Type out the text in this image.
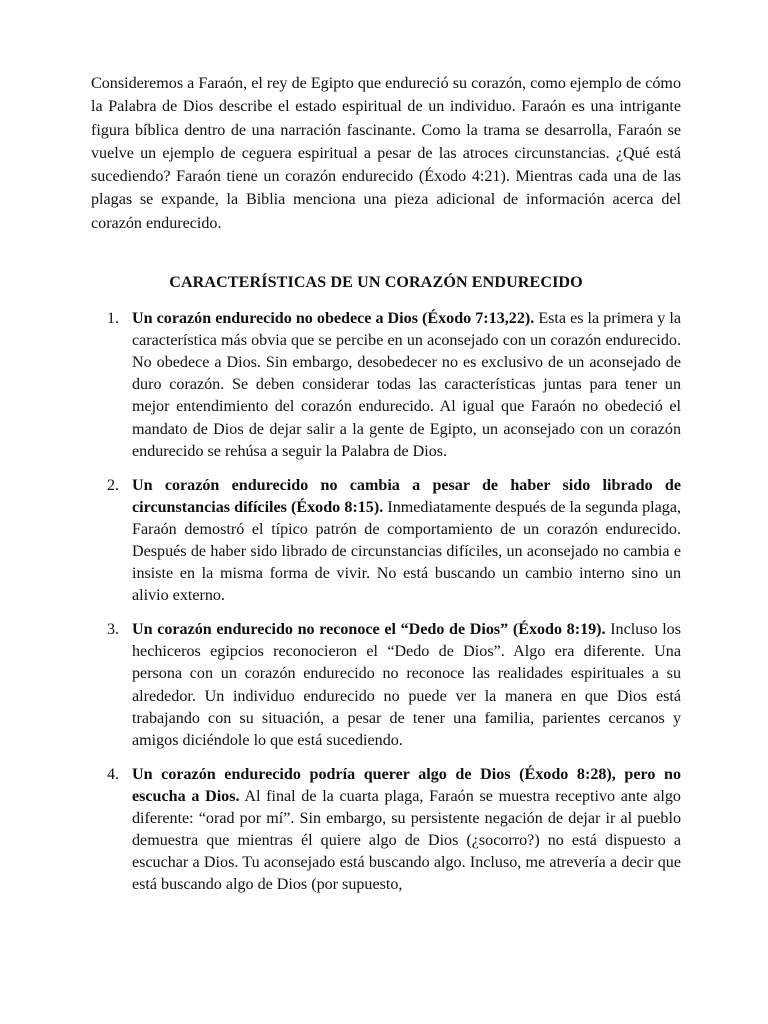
Consideremos a Faraón, el rey de Egipto que endureció su corazón, como ejemplo de cómo la Palabra de Dios describe el estado espiritual de un individuo. Faraón es una intrigante figura bíblica dentro de una narración fascinante. Como la trama se desarrolla, Faraón se vuelve un ejemplo de ceguera espiritual a pesar de las atroces circunstancias. ¿Qué está sucediendo? Faraón tiene un corazón endurecido (Éxodo 4:21). Mientras cada una de las plagas se expande, la Biblia menciona una pieza adicional de información acerca del corazón endurecido.

CARACTERÍSTICAS DE UN CORAZÓN ENDURECIDO
1. Un corazón endurecido no obedece a Dios (Éxodo 7:13,22). Esta es la primera y la característica más obvia que se percibe en un aconsejado con un corazón endurecido. No obedece a Dios. Sin embargo, desobedecer no es exclusivo de un aconsejado de duro corazón. Se deben considerar todas las características juntas para tener un mejor entendimiento del corazón endurecido. Al igual que Faraón no obedeció el mandato de Dios de dejar salir a la gente de Egipto, un aconsejado con un corazón endurecido se rehúsa a seguir la Palabra de Dios.
2. Un corazón endurecido no cambia a pesar de haber sido librado de circunstancias difíciles (Éxodo 8:15). Inmediatamente después de la segunda plaga, Faraón demostró el típico patrón de comportamiento de un corazón endurecido. Después de haber sido librado de circunstancias difíciles, un aconsejado no cambia e insiste en la misma forma de vivir. No está buscando un cambio interno sino un alivio externo.
3. Un corazón endurecido no reconoce el “Dedo de Dios” (Éxodo 8:19). Incluso los hechiceros egipcios reconocieron el “Dedo de Dios”. Algo era diferente. Una persona con un corazón endurecido no reconoce las realidades espirituales a su alrededor. Un individuo endurecido no puede ver la manera en que Dios está trabajando con su situación, a pesar de tener una familia, parientes cercanos y amigos diciéndole lo que está sucediendo.
4. Un corazón endurecido podría querer algo de Dios (Éxodo 8:28), pero no escucha a Dios. Al final de la cuarta plaga, Faraón se muestra receptivo ante algo diferente: “orad por mí”. Sin embargo, su persistente negación de dejar ir al pueblo demuestra que mientras él quiere algo de Dios (¿socorro?) no está dispuesto a escuchar a Dios. Tu aconsejado está buscando algo. Incluso, me atrevería a decir que está buscando algo de Dios (por supuesto,
